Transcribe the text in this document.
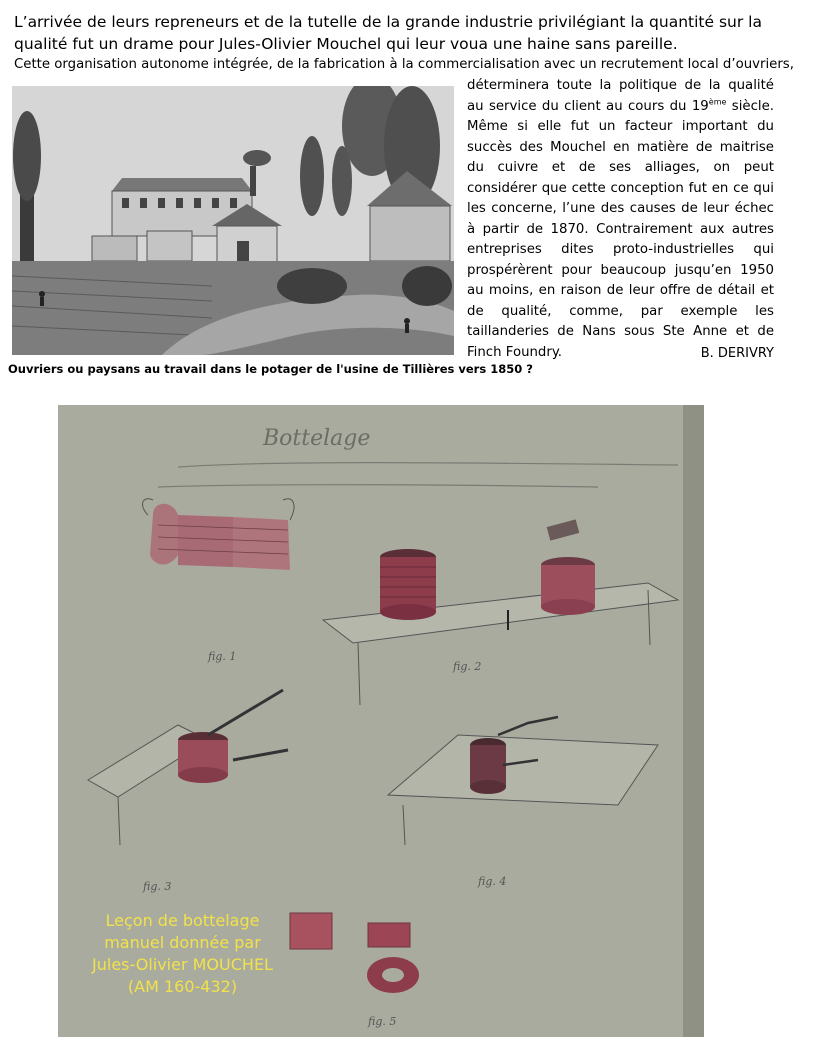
L’arrivée de leurs repreneurs et de la tutelle de la grande industrie privilégiant la quantité sur la qualité fut un drame pour Jules-Olivier Mouchel qui leur voua une haine sans pareille.

Cette organisation autonome intégrée, de la fabrication à la commercialisation avec un recrutement local d’ouvriers,

déterminera toute la politique de la qualité au service du client au cours du 19ème siècle. Même si elle fut un facteur important du succès des Mouchel en matière de maitrise du cuivre et de ses alliages, on peut considérer que cette conception fut en ce qui les concerne, l’une des causes de leur échec à partir de 1870. Contrairement aux autres entreprises dites proto-industrielles qui prospérèrent pour beaucoup jusqu’en 1950 au moins, en raison de leur offre de détail et de qualité, comme, par exemple les taillanderies de Nans sous Ste Anne et de Finch Foundry.	B. DERIVRY

Ouvriers ou paysans au travail dans le potager de l'usine de Tillières vers 1850 ?

Bottelage
fig. 1
fig. 2
fig. 3	fig. 4
fig. 5
Leçon de bottelage
manuel donnée par
Jules-Olivier MOUCHEL
(AM 160-432)
